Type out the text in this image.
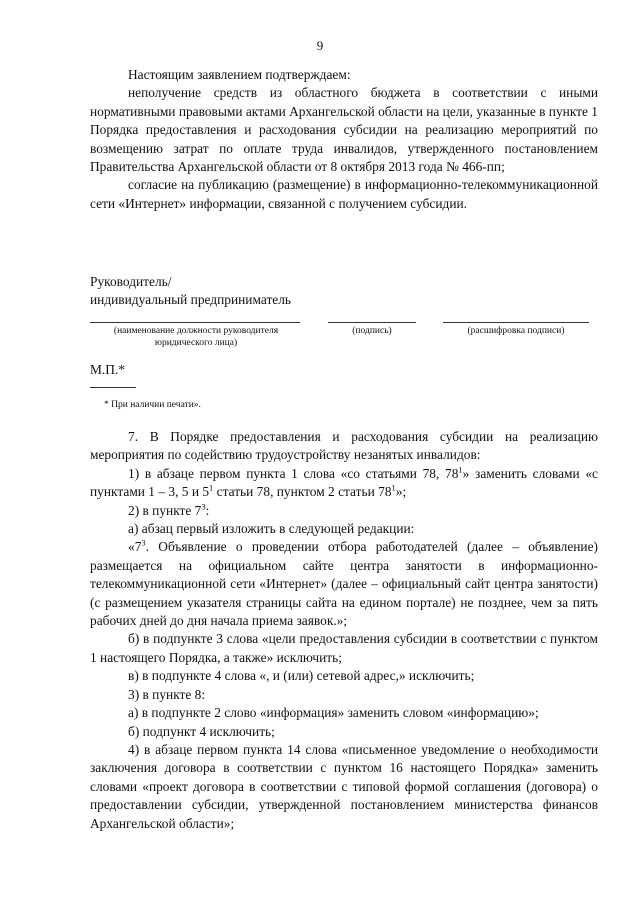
9

Настоящим заявлением подтверждаем:

неполучение средств из областного бюджета в соответствии с иными нормативными правовыми актами Архангельской области на цели, указанные в пункте 1 Порядка предоставления и расходования субсидии на реализацию мероприятий по возмещению затрат по оплате труда инвалидов, утвержденного постановлением Правительства Архангельской области от 8 октября 2013 года № 466-пп;

согласие на публикацию (размещение) в информационно-телекоммуникационной сети «Интернет» информации, связанной с получением субсидии.

Руководитель/
индивидуальный предприниматель
(наименование должности руководителя юридического лица)
(подпись)	(расшифровка подписи)
М.П.*
* При наличии печати».

7. В Порядке предоставления и расходования субсидии на реализацию мероприятия по содействию трудоустройству незанятых инвалидов:

1) в абзаце первом пункта 1 слова «со статьями 78, $78^1$» заменить словами «с пунктами 1 – 3, 5 и $5^1$ статьи 78, пунктом 2 статьи $78^1$»;

2) в пункте $7^3$:

а) абзац первый изложить в следующей редакции:

«$7^3$. Объявление о проведении отбора работодателей (далее – объявление) размещается на официальном сайте центра занятости в информационно-телекоммуникационной сети «Интернет» (далее – официальный сайт центра занятости) (с размещением указателя страницы сайта на едином портале) не позднее, чем за пять рабочих дней до дня начала приема заявок.»;

б) в подпункте 3 слова «цели предоставления субсидии в соответствии с пунктом 1 настоящего Порядка, а также» исключить;

в) в подпункте 4 слова «, и (или) сетевой адрес,» исключить;

3) в пункте 8:

а) в подпункте 2 слово «информация» заменить словом «информацию»;

б) подпункт 4 исключить;

4) в абзаце первом пункта 14 слова «письменное уведомление о необходимости заключения договора в соответствии с пунктом 16 настоящего Порядка» заменить словами «проект договора в соответствии с типовой формой соглашения (договора) о предоставлении субсидии, утвержденной постановлением министерства финансов Архангельской области»;
